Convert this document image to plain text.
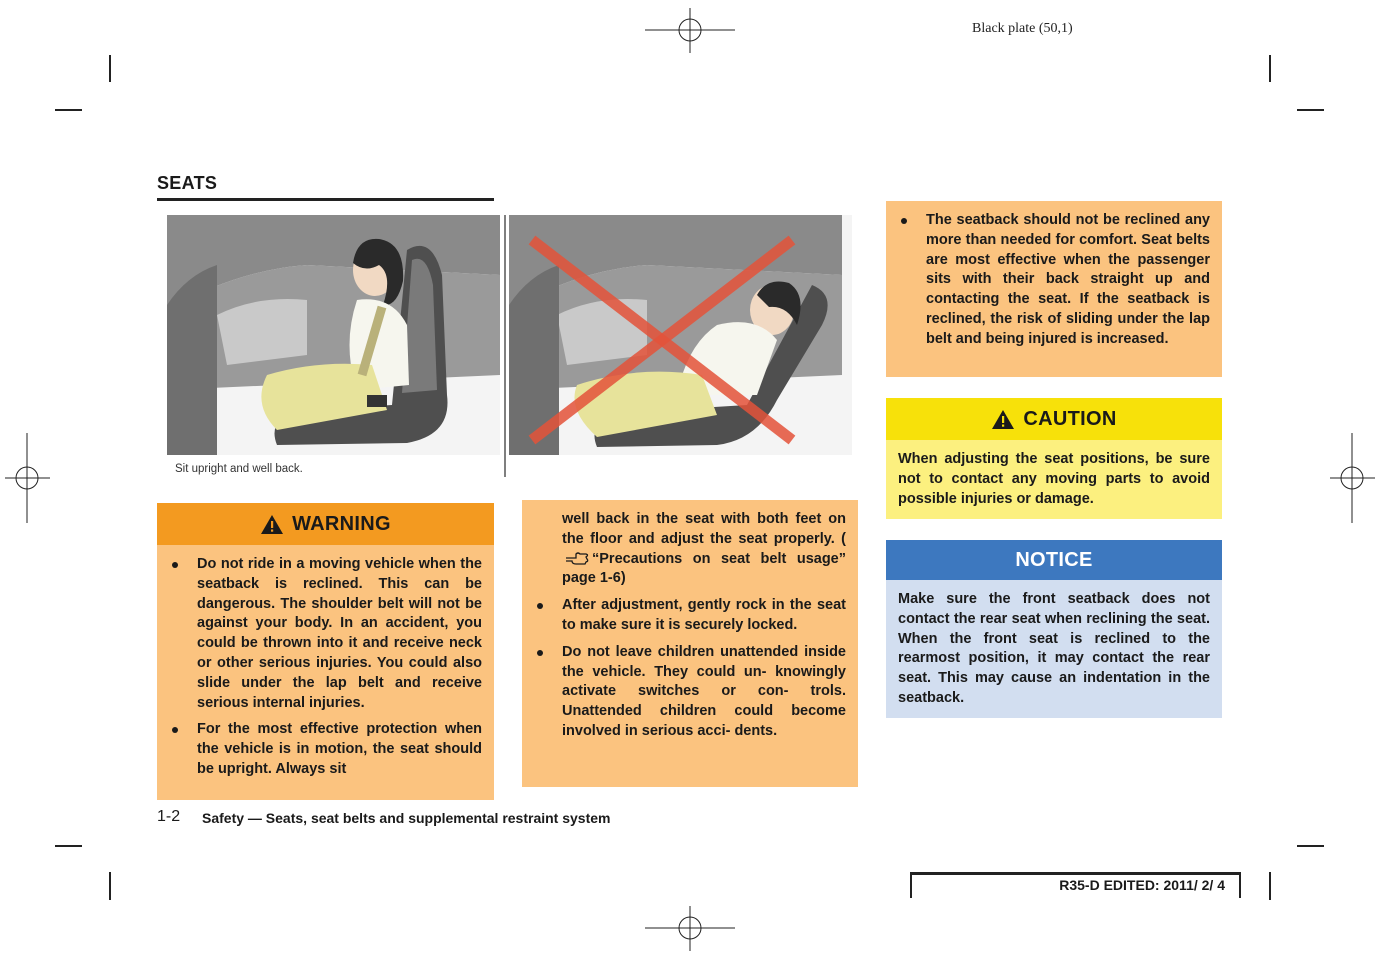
Black plate (50,1)
SEATS
Sit upright and well back.
WARNING
Do not ride in a moving vehicle when the seatback is reclined. This can be dangerous. The shoulder belt will not be against your body. In an accident, you could be thrown into it and receive neck or other serious injuries. You could also slide under the lap belt and receive serious internal injuries.
For the most effective protection when the vehicle is in motion, the seat should be upright. Always sit
well back in the seat with both feet on the floor and adjust the seat properly. (“Precautions on seat belt usage” page 1-6)
After adjustment, gently rock in the seat to make sure it is securely locked.
Do not leave children unattended inside the vehicle. They could un- knowingly activate switches or con- trols. Unattended children could become involved in serious acci- dents.
The seatback should not be reclined any more than needed for comfort. Seat belts are most effective when the passenger sits with their back straight up and contacting the seat. If the seatback is reclined, the risk of sliding under the lap belt and being injured is increased.
CAUTION
When adjusting the seat positions, be sure not to contact any moving parts to avoid possible injuries or damage.
NOTICE
Make sure the front seatback does not contact the rear seat when reclining the seat. When the front seat is reclined to the rearmost position, it may contact the rear seat. This may cause an indentation in the seatback.
1-2 Safety — Seats, seat belts and supplemental restraint system
R35-D EDITED: 2011/ 2/ 4
